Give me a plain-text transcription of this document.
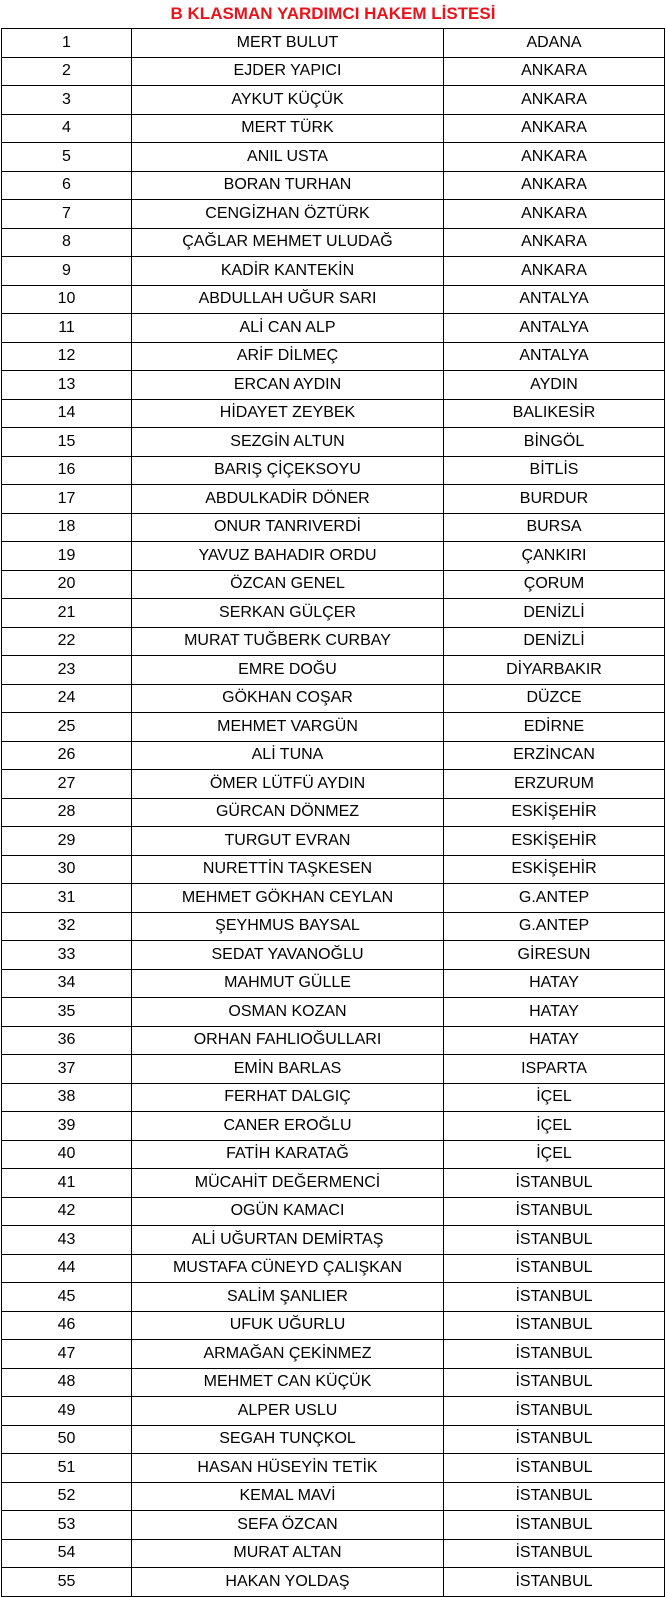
B KLASMAN YARDIMCI HAKEM LİSTESİ
1	MERT BULUT	ADANA
2	EJDER YAPICI	ANKARA
3	AYKUT KÜÇÜK	ANKARA
4	MERT TÜRK	ANKARA
5	ANIL USTA	ANKARA
6	BORAN TURHAN	ANKARA
7	CENGİZHAN ÖZTÜRK	ANKARA
8	ÇAĞLAR MEHMET ULUDAĞ	ANKARA
9	KADİR KANTEKİN	ANKARA
10	ABDULLAH UĞUR SARI	ANTALYA
11	ALİ CAN ALP	ANTALYA
12	ARİF DİLMEÇ	ANTALYA
13	ERCAN AYDIN	AYDIN
14	HİDAYET ZEYBEK	BALIKESİR
15	SEZGİN ALTUN	BİNGÖL
16	BARIŞ ÇİÇEKSOYU	BİTLİS
17	ABDULKADİR DÖNER	BURDUR
18	ONUR TANRIVERDİ	BURSA
19	YAVUZ BAHADIR ORDU	ÇANKIRI
20	ÖZCAN GENEL	ÇORUM
21	SERKAN GÜLÇER	DENİZLİ
22	MURAT TUĞBERK CURBAY	DENİZLİ
23	EMRE DOĞU	DİYARBAKIR
24	GÖKHAN COŞAR	DÜZCE
25	MEHMET VARGÜN	EDİRNE
26	ALİ TUNA	ERZİNCAN
27	ÖMER LÜTFÜ AYDIN	ERZURUM
28	GÜRCAN DÖNMEZ	ESKİŞEHİR
29	TURGUT EVRAN	ESKİŞEHİR
30	NURETTİN TAŞKESEN	ESKİŞEHİR
31	MEHMET GÖKHAN CEYLAN	G.ANTEP
32	ŞEYHMUS BAYSAL	G.ANTEP
33	SEDAT YAVANOĞLU	GİRESUN
34	MAHMUT GÜLLE	HATAY
35	OSMAN KOZAN	HATAY
36	ORHAN FAHLIOĞULLARI	HATAY
37	EMİN BARLAS	ISPARTA
38	FERHAT DALGIÇ	İÇEL
39	CANER EROĞLU	İÇEL
40	FATİH KARATAĞ	İÇEL
41	MÜCAHİT DEĞERMENCİ	İSTANBUL
42	OGÜN KAMACI	İSTANBUL
43	ALİ UĞURTAN DEMİRTAŞ	İSTANBUL
44	MUSTAFA CÜNEYD ÇALIŞKAN	İSTANBUL
45	SALİM ŞANLIER	İSTANBUL
46	UFUK UĞURLU	İSTANBUL
47	ARMAĞAN ÇEKİNMEZ	İSTANBUL
48	MEHMET CAN KÜÇÜK	İSTANBUL
49	ALPER USLU	İSTANBUL
50	SEGAH TUNÇKOL	İSTANBUL
51	HASAN HÜSEYİN TETİK	İSTANBUL
52	KEMAL MAVİ	İSTANBUL
53	SEFA ÖZCAN	İSTANBUL
54	MURAT ALTAN	İSTANBUL
55	HAKAN YOLDAŞ	İSTANBUL
